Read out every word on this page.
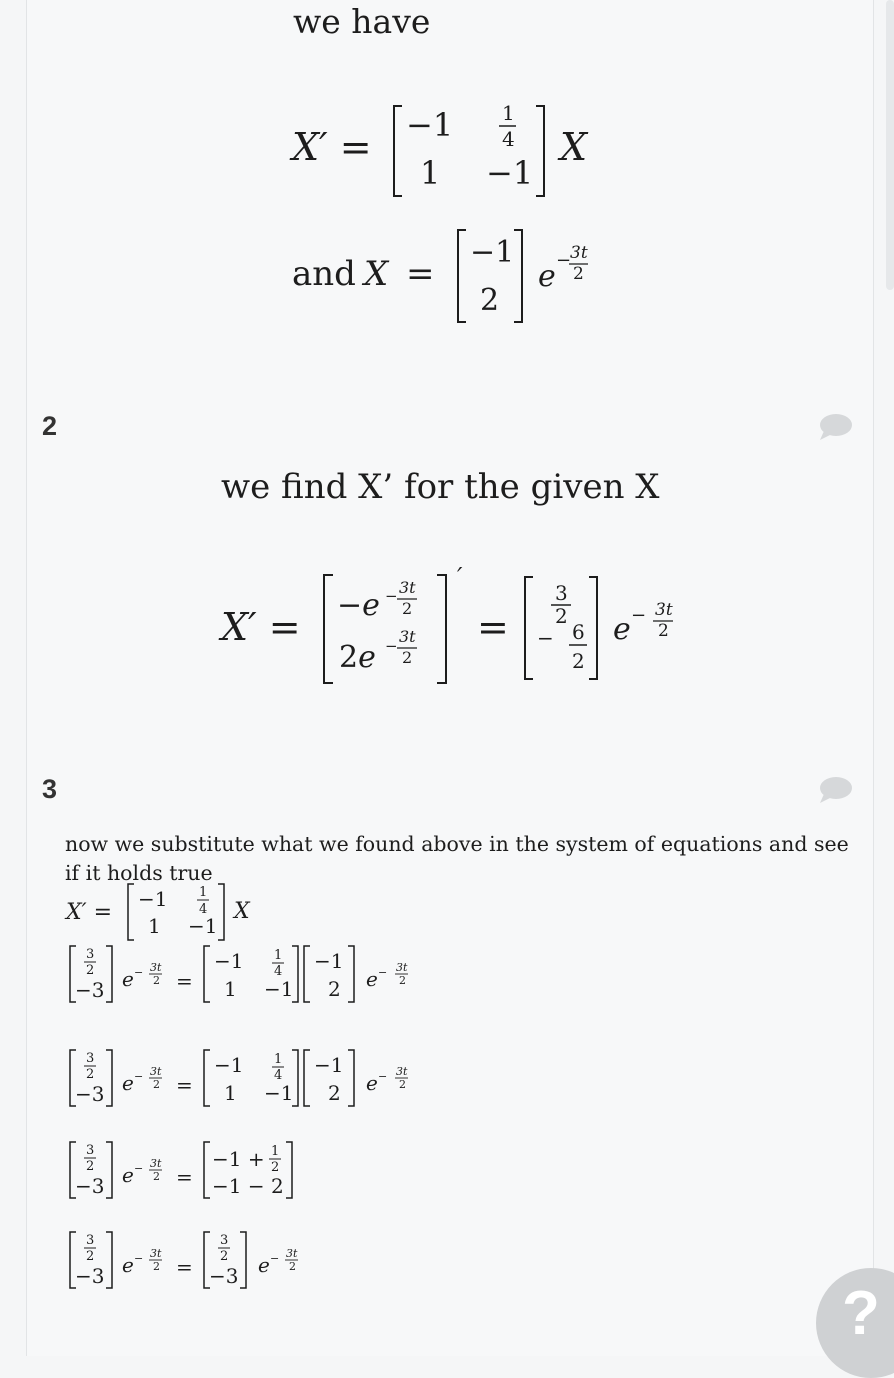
we have
X′ = −1 1
4
1 −1
X
and X =
−1
2
e −
3t
2
2
we find X’ for the given X
X′ =
′
−e − 3t
2
2e − 3t
2
=
3
2
− 6
2
e − 3t
2
3
now we substitute what we found above in the system of equations and see
if it holds true
X′ =
−1 1
4
1 −1
X
3
2
−3 e − 3t
2 =
−1 1
4
1 −1
−1
2 e − 3t
2
3
2
−3 e − 3t
2 =
−1 1
4
1 −1
−1
2 e − 3t
2
3
2
−3 e − 3t
2 =
−1 + 1
2
−1 − 2
3
2
−3 e − 3t
2 =
3
2
−3 e − 3t
2
?
